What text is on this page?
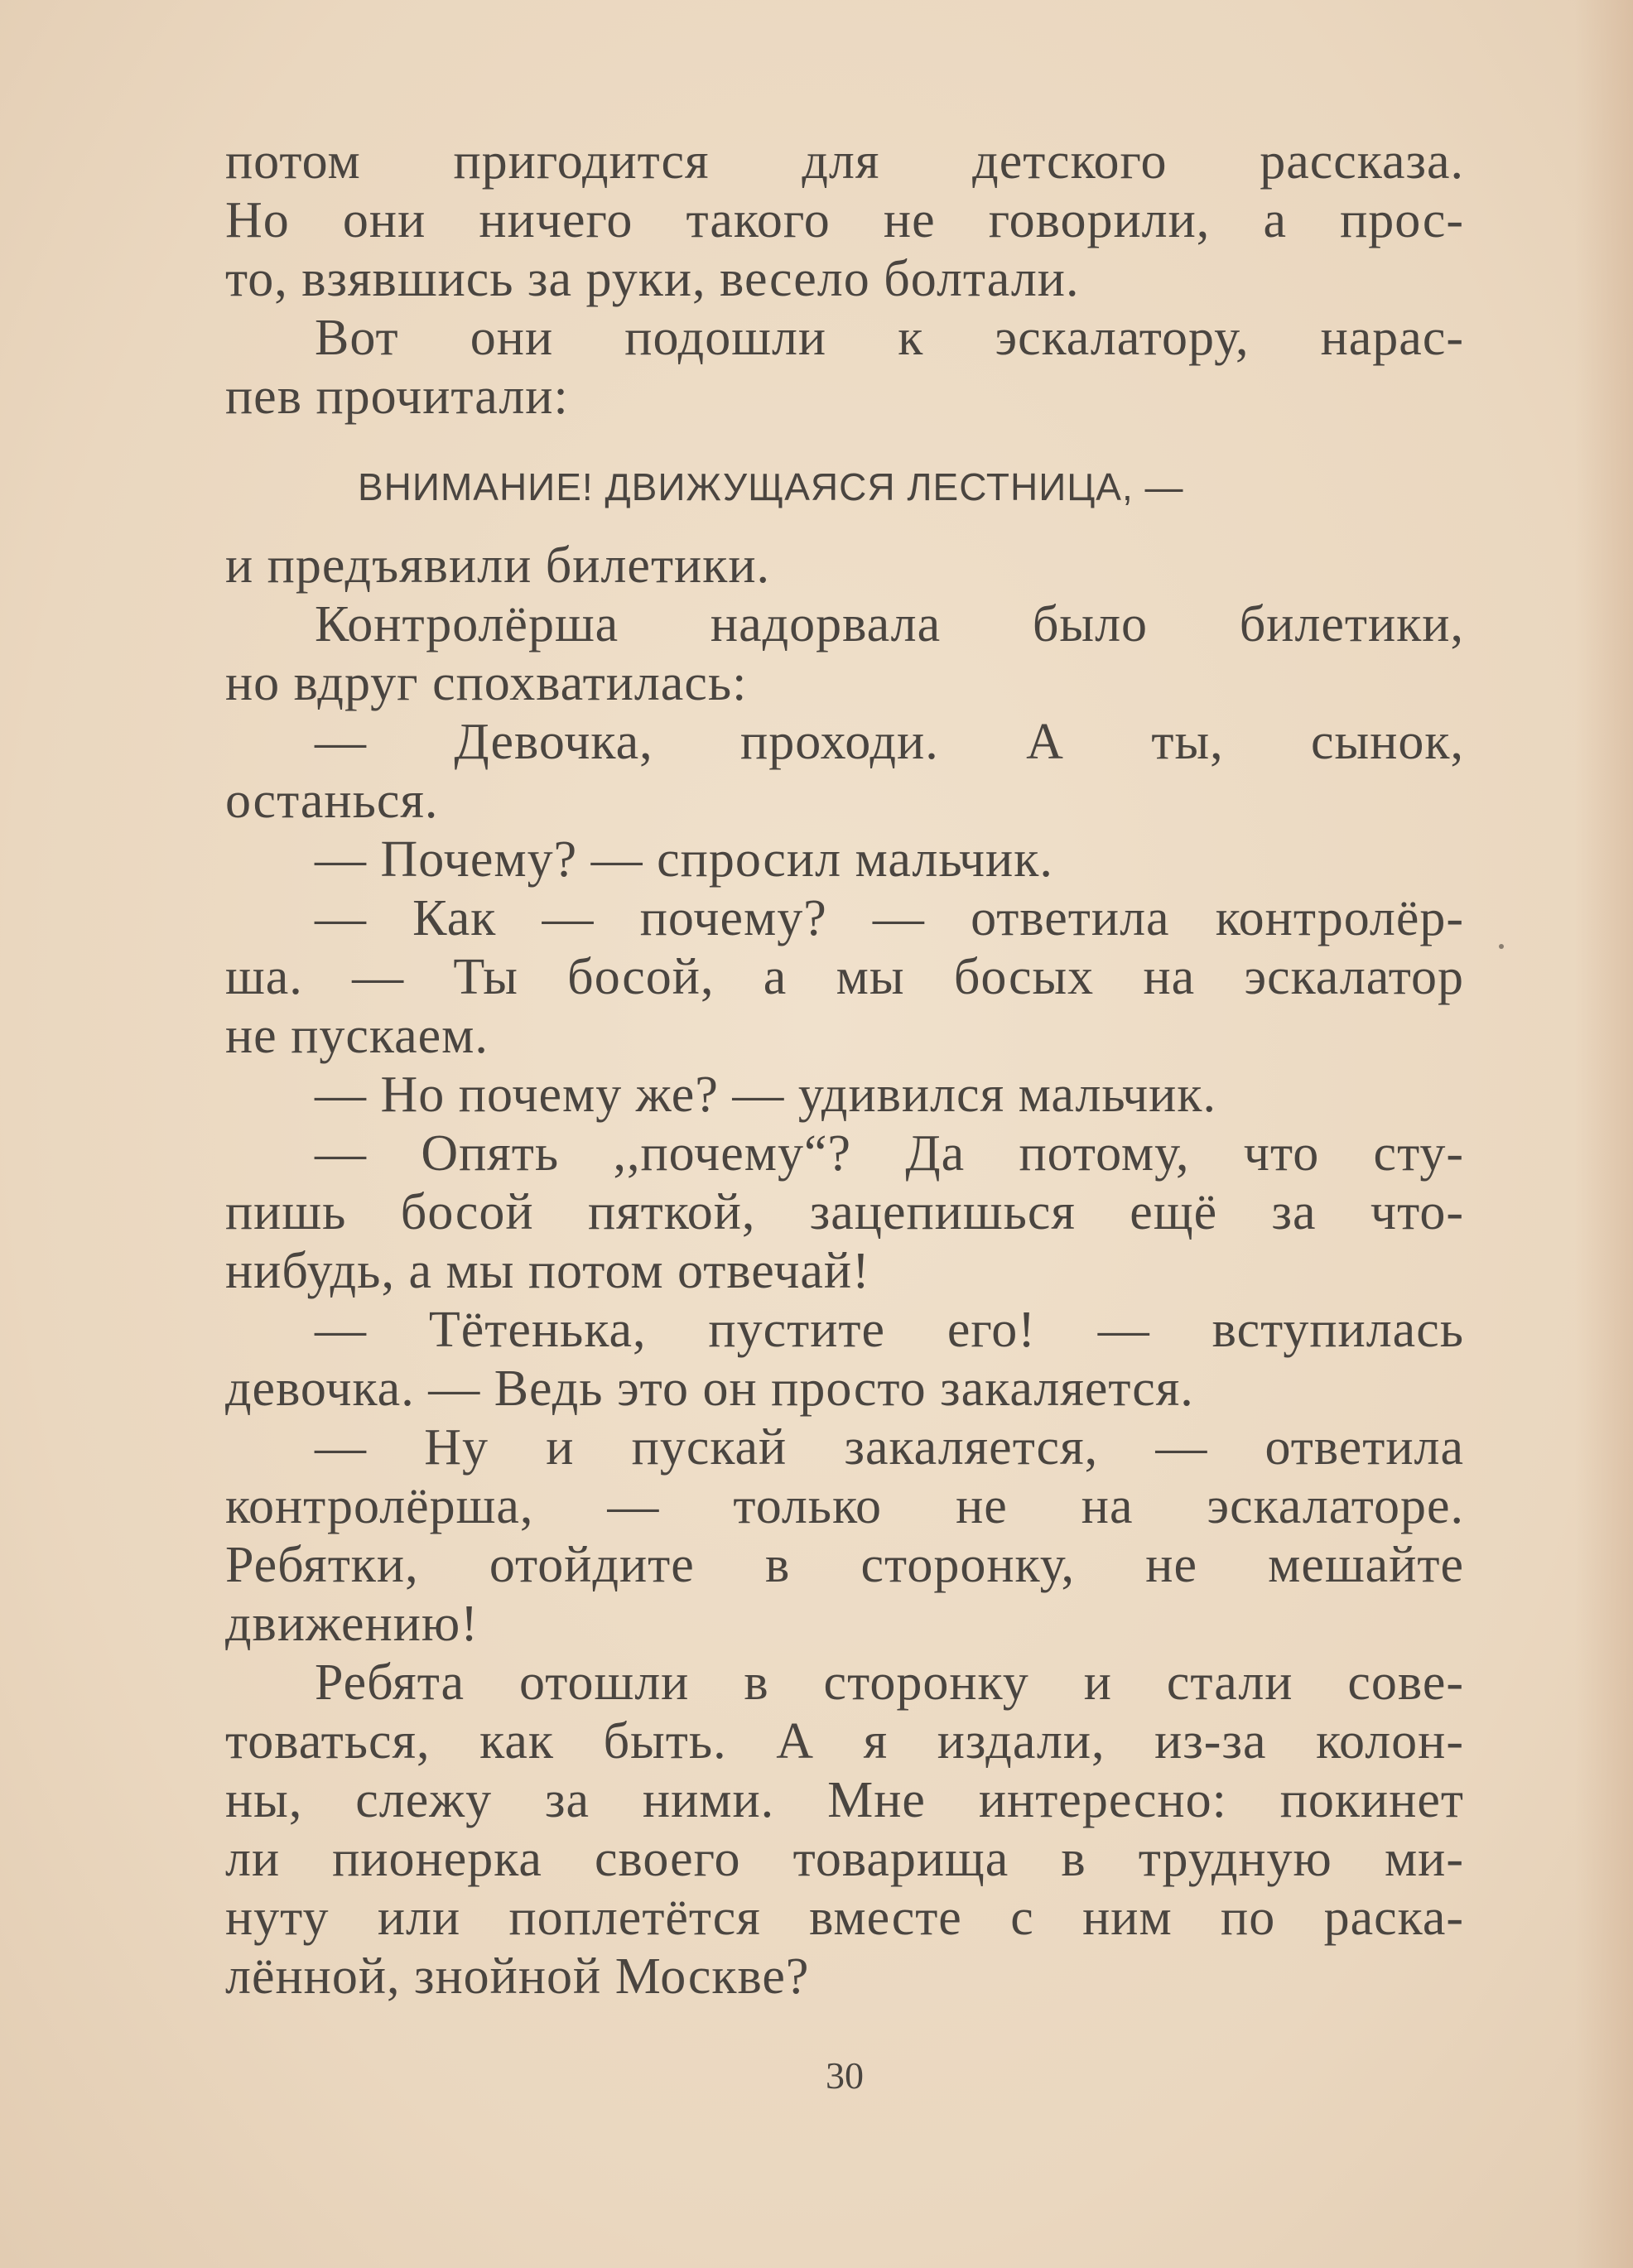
потом пригодится для детского рассказа.
Но они ничего такого не говорили, а прос-
то, взявшись за руки, весело болтали.
Вот они подошли к эскалатору, нарас-
пев прочитали:
ВНИМАНИЕ! ДВИЖУЩАЯСЯ ЛЕСТНИЦА, —
и предъявили билетики.
Контролёрша надорвала было билетики,
но вдруг спохватилась:
— Девочка, проходи. А ты, сынок,
останься.
— Почему? — спросил мальчик.
— Как — почему? — ответила контролёр-
ша. — Ты босой, а мы босых на эскалатор
не пускаем.
— Но почему же? — удивился мальчик.
— Опять ,,почему“? Да потому, что сту-
пишь босой пяткой, зацепишься ещё за что-
нибудь, а мы потом отвечай!
— Тётенька, пустите его! — вступилась
девочка. — Ведь это он просто закаляется.
— Ну и пускай закаляется, — ответила
контролёрша, — только не на эскалаторе.
Ребятки, отойдите в сторонку, не мешайте
движению!
Ребята отошли в сторонку и стали сове-
товаться, как быть. А я издали, из-за колон-
ны, слежу за ними. Мне интересно: покинет
ли пионерка своего товарища в трудную ми-
нуту или поплетётся вместе с ним по раска-
лённой, знойной Москве?
30
